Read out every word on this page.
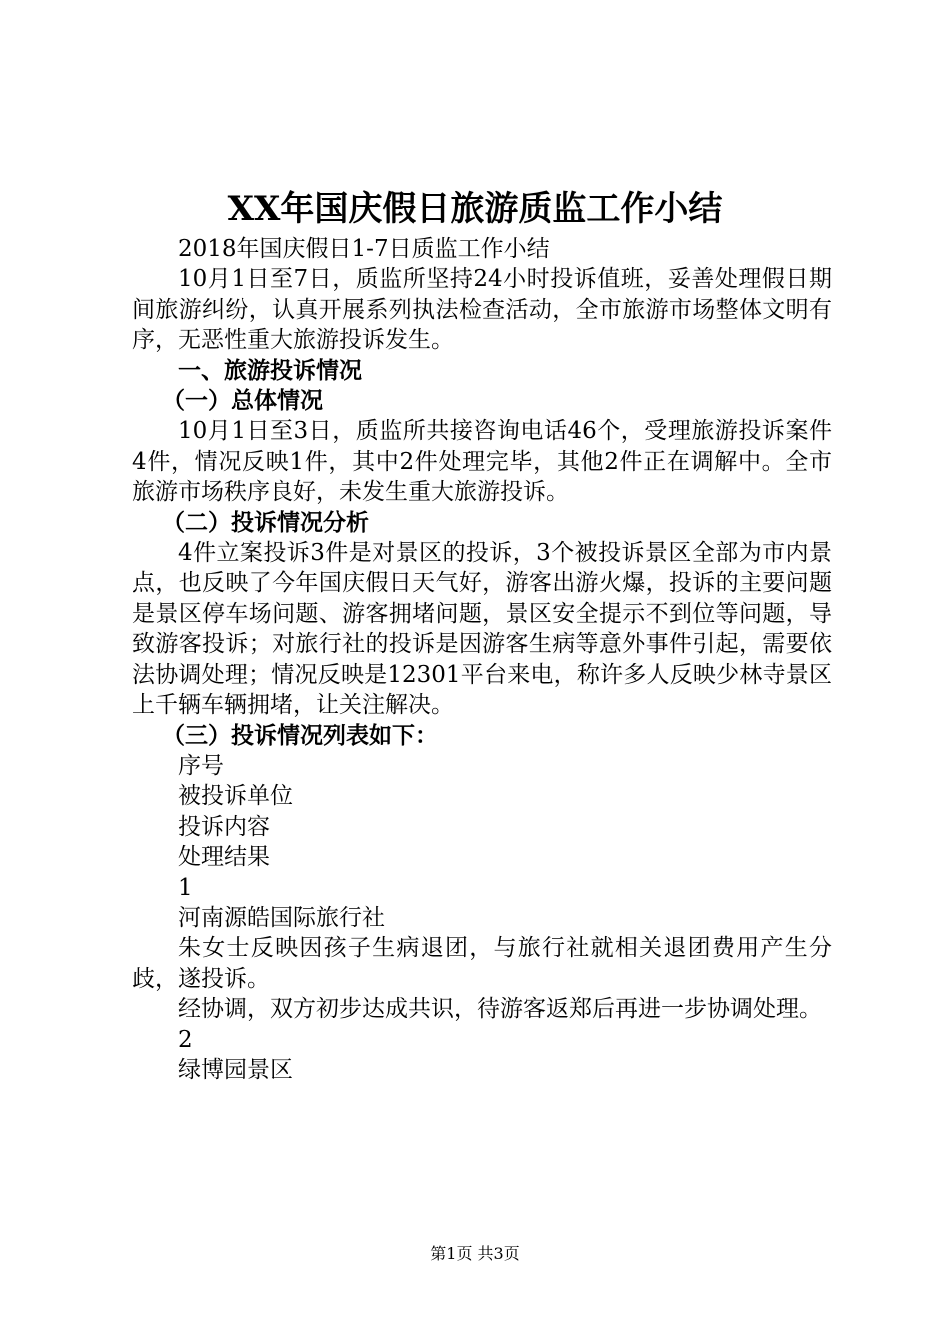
XX年国庆假日旅游质监工作小结

2018年国庆假日1-7日质监工作小结

10月1日至7日，质监所坚持24小时投诉值班，妥善处理假日期间旅游纠纷，认真开展系列执法检查活动，全市旅游市场整体文明有序，无恶性重大旅游投诉发生。

一、旅游投诉情况

（一）总体情况

10月1日至3日，质监所共接咨询电话46个，受理旅游投诉案件4件，情况反映1件，其中2件处理完毕，其他2件正在调解中。全市旅游市场秩序良好，未发生重大旅游投诉。

（二）投诉情况分析

4件立案投诉3件是对景区的投诉，3个被投诉景区全部为市内景点，也反映了今年国庆假日天气好，游客出游火爆，投诉的主要问题是景区停车场问题、游客拥堵问题，景区安全提示不到位等问题，导致游客投诉；对旅行社的投诉是因游客生病等意外事件引起，需要依法协调处理；情况反映是12301平台来电，称许多人反映少林寺景区上千辆车辆拥堵，让关注解决。

（三）投诉情况列表如下：

序号

被投诉单位

投诉内容

处理结果

1

河南源皓国际旅行社

朱女士反映因孩子生病退团，与旅行社就相关退团费用产生分歧，遂投诉。

经协调，双方初步达成共识，待游客返郑后再进一步协调处理。

2

绿博园景区

第1页 共3页
